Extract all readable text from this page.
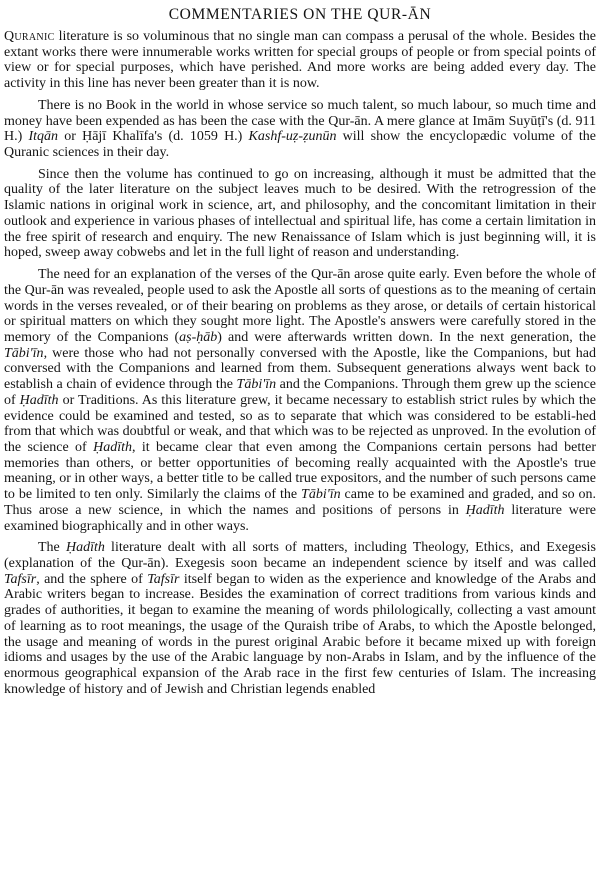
COMMENTARIES ON THE QUR-ĀN

Quranic literature is so voluminous that no single man can compass a perusal of the whole. Besides the extant works there were innumerable works written for special groups of people or from special points of view or for special purposes, which have perished. And more works are being added every day. The activity in this line has never been greater than it is now.

There is no Book in the world in whose service so much talent, so much labour, so much time and money have been expended as has been the case with the Qur-ān. A mere glance at Imām Suyūṭī's (d. 911 H.) Itqān or Ḥājī Khalīfa's (d. 1059 H.) Kashf-uẓ-ẓunūn will show the encyclopædic volume of the Quranic sciences in their day.

Since then the volume has continued to go on increasing, although it must be admitted that the quality of the later literature on the subject leaves much to be desired. With the retrogression of the Islamic nations in original work in science, art, and philosophy, and the concomitant limitation in their outlook and experience in various phases of intellectual and spiritual life, has come a certain limitation in the free spirit of research and enquiry. The new Renaissance of Islam which is just beginning will, it is hoped, sweep away cobwebs and let in the full light of reason and understanding.

The need for an explanation of the verses of the Qur-ān arose quite early. Even before the whole of the Qur-ān was revealed, people used to ask the Apostle all sorts of questions as to the meaning of certain words in the verses revealed, or of their bearing on problems as they arose, or details of certain historical or spiritual matters on which they sought more light. The Apostle's answers were carefully stored in the memory of the Companions (aṣ-ḥāb) and were afterwards written down. In the next generation, the Tābi'īn, were those who had not personally conversed with the Apostle, like the Companions, but had conversed with the Companions and learned from them. Subsequent generations always went back to establish a chain of evidence through the Tābi'īn and the Companions. Through them grew up the science of Ḥadīth or Traditions. As this literature grew, it became necessary to establish strict rules by which the evidence could be examined and tested, so as to separate that which was considered to be establi-hed from that which was doubtful or weak, and that which was to be rejected as unproved. In the evolution of the science of Ḥadīth, it became clear that even among the Companions certain persons had better memories than others, or better opportunities of becoming really acquainted with the Apostle's true meaning, or in other ways, a better title to be called true expositors, and the number of such persons came to be limited to ten only. Similarly the claims of the Tābi'īn came to be examined and graded, and so on. Thus arose a new science, in which the names and positions of persons in Ḥadīth literature were examined biographically and in other ways.

The Ḥadīth literature dealt with all sorts of matters, including Theology, Ethics, and Exegesis (explanation of the Qur-ān). Exegesis soon became an independent science by itself and was called Tafsīr, and the sphere of Tafsīr itself began to widen as the experience and knowledge of the Arabs and Arabic writers began to increase. Besides the examination of correct traditions from various kinds and grades of authorities, it began to examine the meaning of words philologically, collecting a vast amount of learning as to root meanings, the usage of the Quraish tribe of Arabs, to which the Apostle belonged, the usage and meaning of words in the purest original Arabic before it became mixed up with foreign idioms and usages by the use of the Arabic language by non-Arabs in Islam, and by the influence of the enormous geographical expansion of the Arab race in the first few centuries of Islam. The increasing knowledge of history and of Jewish and Christian legends enabled
